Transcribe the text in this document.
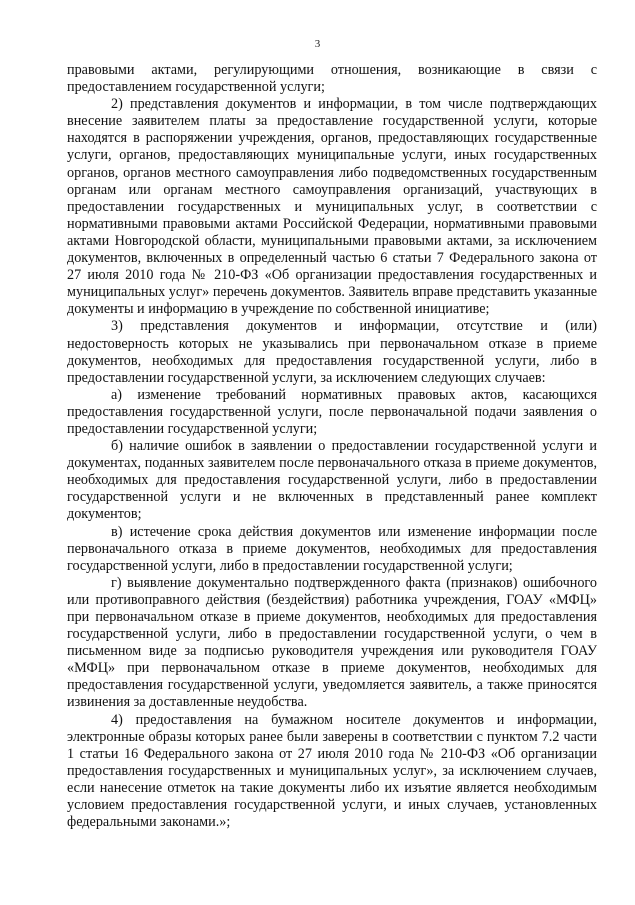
3

правовыми актами, регулирующими отношения, возникающие в связи с предоставлением государственной услуги;

2) представления документов и информации, в том числе подтверждающих внесение заявителем платы за предоставление государственной услуги, которые находятся в распоряжении учреждения, органов, предоставляющих государственные услуги, органов, предоставляющих муниципальные услуги, иных государственных органов, органов местного самоуправления либо подведомственных государственным органам или органам местного самоуправления организаций, участвующих в предоставлении государственных и муниципальных услуг, в соответствии с нормативными правовыми актами Российской Федерации, нормативными правовыми актами Новгородской области, муниципальными правовыми актами, за исключением документов, включенных в определенный частью 6 статьи 7 Федерального закона от 27 июля 2010 года № 210-ФЗ «Об организации предоставления государственных и муниципальных услуг» перечень документов. Заявитель вправе представить указанные документы и информацию в учреждение по собственной инициативе;

3) представления документов и информации, отсутствие и (или) недостоверность которых не указывались при первоначальном отказе в приеме документов, необходимых для предоставления государственной услуги, либо в предоставлении государственной услуги, за исключением следующих случаев:

а) изменение требований нормативных правовых актов, касающихся предоставления государственной услуги, после первоначальной подачи заявления о предоставлении государственной услуги;

б) наличие ошибок в заявлении о предоставлении государственной услуги и документах, поданных заявителем после первоначального отказа в приеме документов, необходимых для предоставления государственной услуги, либо в предоставлении государственной услуги и не включенных в представленный ранее комплект документов;

в) истечение срока действия документов или изменение информации после первоначального отказа в приеме документов, необходимых для предоставления государственной услуги, либо в предоставлении государственной услуги;

г) выявление документально подтвержденного факта (признаков) ошибочного или противоправного действия (бездействия) работника учреждения, ГОАУ «МФЦ» при первоначальном отказе в приеме документов, необходимых для предоставления государственной услуги, либо в предоставлении государственной услуги, о чем в письменном виде за подписью руководителя учреждения или руководителя ГОАУ «МФЦ» при первоначальном отказе в приеме документов, необходимых для предоставления государственной услуги, уведомляется заявитель, а также приносятся извинения за доставленные неудобства.

4) предоставления на бумажном носителе документов и информации, электронные образы которых ранее были заверены в соответствии с пунктом 7.2 части 1 статьи 16 Федерального закона от 27 июля 2010 года № 210-ФЗ «Об организации предоставления государственных и муниципальных услуг», за исключением случаев, если нанесение отметок на такие документы либо их изъятие является необходимым условием предоставления государственной услуги, и иных случаев, установленных федеральными законами.»;
